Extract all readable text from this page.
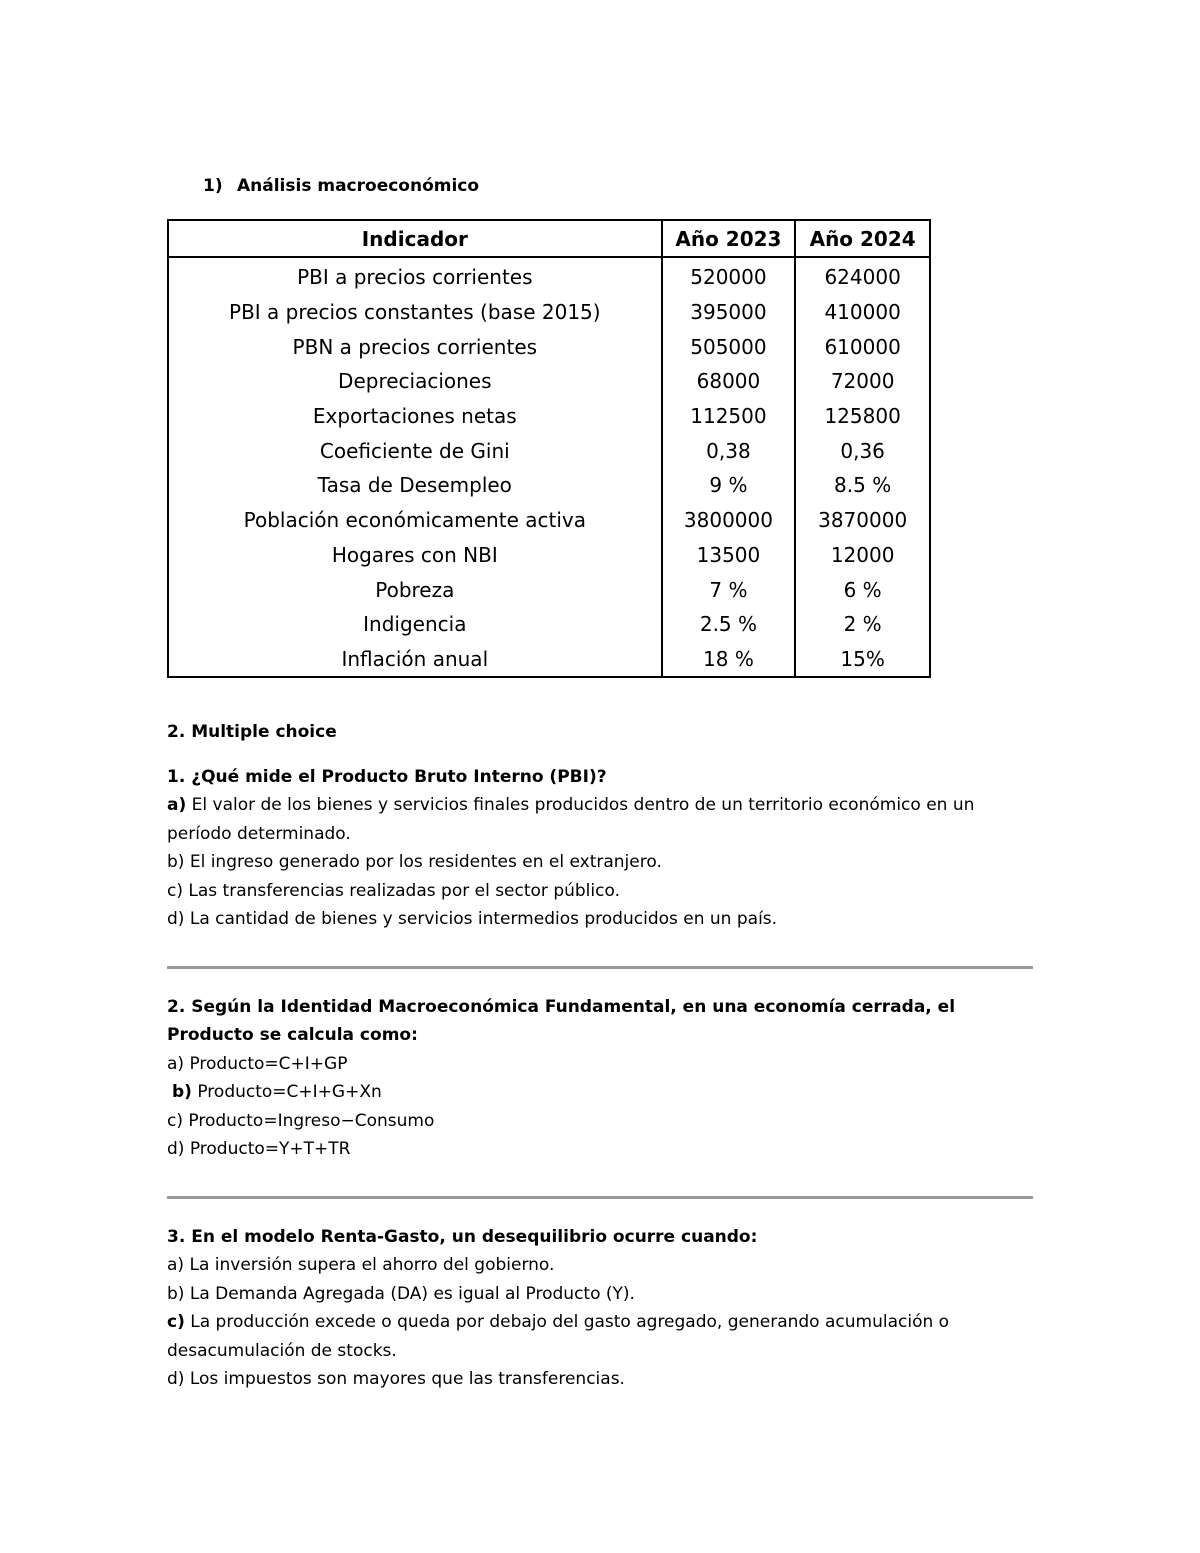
1) Análisis macroeconómico
Indicador	Año 2023	Año 2024
PBI a precios corrientes	520000	624000
PBI a precios constantes (base 2015)	395000	410000
PBN a precios corrientes	505000	610000
Depreciaciones	68000	72000
Exportaciones netas	112500	125800
Coeficiente de Gini	0,38	0,36
Tasa de Desempleo	9 %	8.5 %
Población económicamente activa	3800000	3870000
Hogares con NBI	13500	12000
Pobreza	7 %	6 %
Indigencia	2.5 %	2 %
Inflación anual	18 %	15%
2. Multiple choice

1. ¿Qué mide el Producto Bruto Interno (PBI)?

a) El valor de los bienes y servicios finales producidos dentro de un territorio económico en un período determinado.

b) El ingreso generado por los residentes en el extranjero.

c) Las transferencias realizadas por el sector público.

d) La cantidad de bienes y servicios intermedios producidos en un país.

2. Según la Identidad Macroeconómica Fundamental, en una economía cerrada, el Producto se calcula como:

a) Producto=C+I+GP

b) Producto=C+I+G+Xn

c) Producto=Ingreso−Consumo

d) Producto=Y+T+TR

3. En el modelo Renta-Gasto, un desequilibrio ocurre cuando:

a) La inversión supera el ahorro del gobierno.

b) La Demanda Agregada (DA) es igual al Producto (Y).

c) La producción excede o queda por debajo del gasto agregado, generando acumulación o desacumulación de stocks.

d) Los impuestos son mayores que las transferencias.
